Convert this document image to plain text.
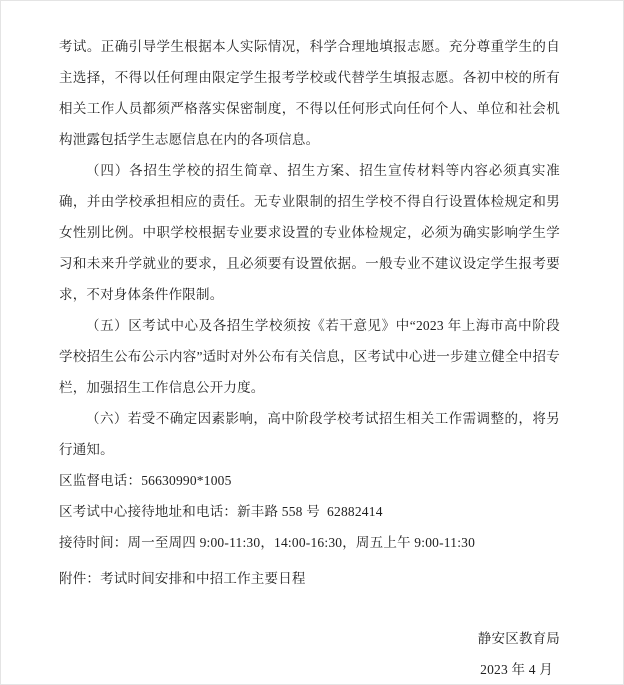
考试。正确引导学生根据本人实际情况，科学合理地填报志愿。充分尊重学生的自主选择，不得以任何理由限定学生报考学校或代替学生填报志愿。各初中校的所有相关工作人员都须严格落实保密制度，不得以任何形式向任何个人、单位和社会机构泄露包括学生志愿信息在内的各项信息。

（四）各招生学校的招生简章、招生方案、招生宣传材料等内容必须真实准确，并由学校承担相应的责任。无专业限制的招生学校不得自行设置体检规定和男女性别比例。中职学校根据专业要求设置的专业体检规定，必须为确实影响学生学习和未来升学就业的要求，且必须要有设置依据。一般专业不建议设定学生报考要求，不对身体条件作限制。

（五）区考试中心及各招生学校须按《若干意见》中“2023 年上海市高中阶段学校招生公布公示内容”适时对外公布有关信息，区考试中心进一步建立健全中招专栏，加强招生工作信息公开力度。

（六）若受不确定因素影响，高中阶段学校考试招生相关工作需调整的，将另行通知。

区监督电话：56630990*1005

区考试中心接待地址和电话：新丰路 558 号  62882414

接待时间：周一至周四 9:00-11:30，14:00-16:30，周五上午 9:00-11:30

附件：考试时间安排和中招工作主要日程

静安区教育局

2023 年 4 月
